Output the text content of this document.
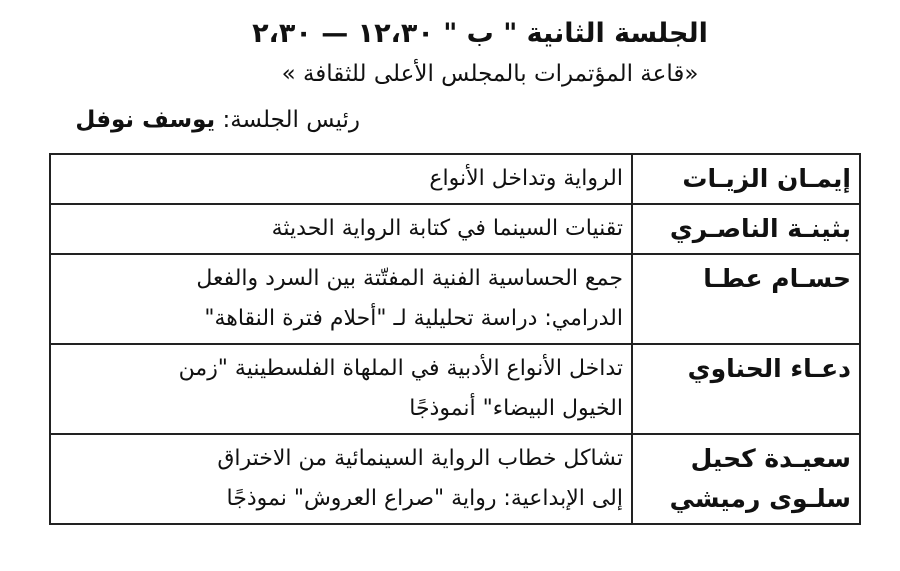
الجلسة الثانية " ب " ١٢،٣٠ — ٢،٣٠
«قاعة المؤتمرات بالمجلس الأعلى للثقافة »
رئيس الجلسة: يوسف نوفل
إيمـان الزيـات	الرواية وتداخل الأنواع

بثينـة الناصـري	تقنيات السينما في كتابة الرواية الحديثة

حسـام عطـا	جمع الحساسية الفنية المفتّتة بين السرد والفعل
الدرامي: دراسة تحليلية لـ "أحلام فترة النقاهة"

دعـاء الحناوي	تداخل الأنواع الأدبية في الملهاة الفلسطينية "زمن
الخيول البيضاء" أنموذجًا

سعيـدة كحيل
سلـوى رميشي	تشاكل خطاب الرواية السينمائية من الاختراق
إلى الإبداعية: رواية "صراع العروش" نموذجًا
